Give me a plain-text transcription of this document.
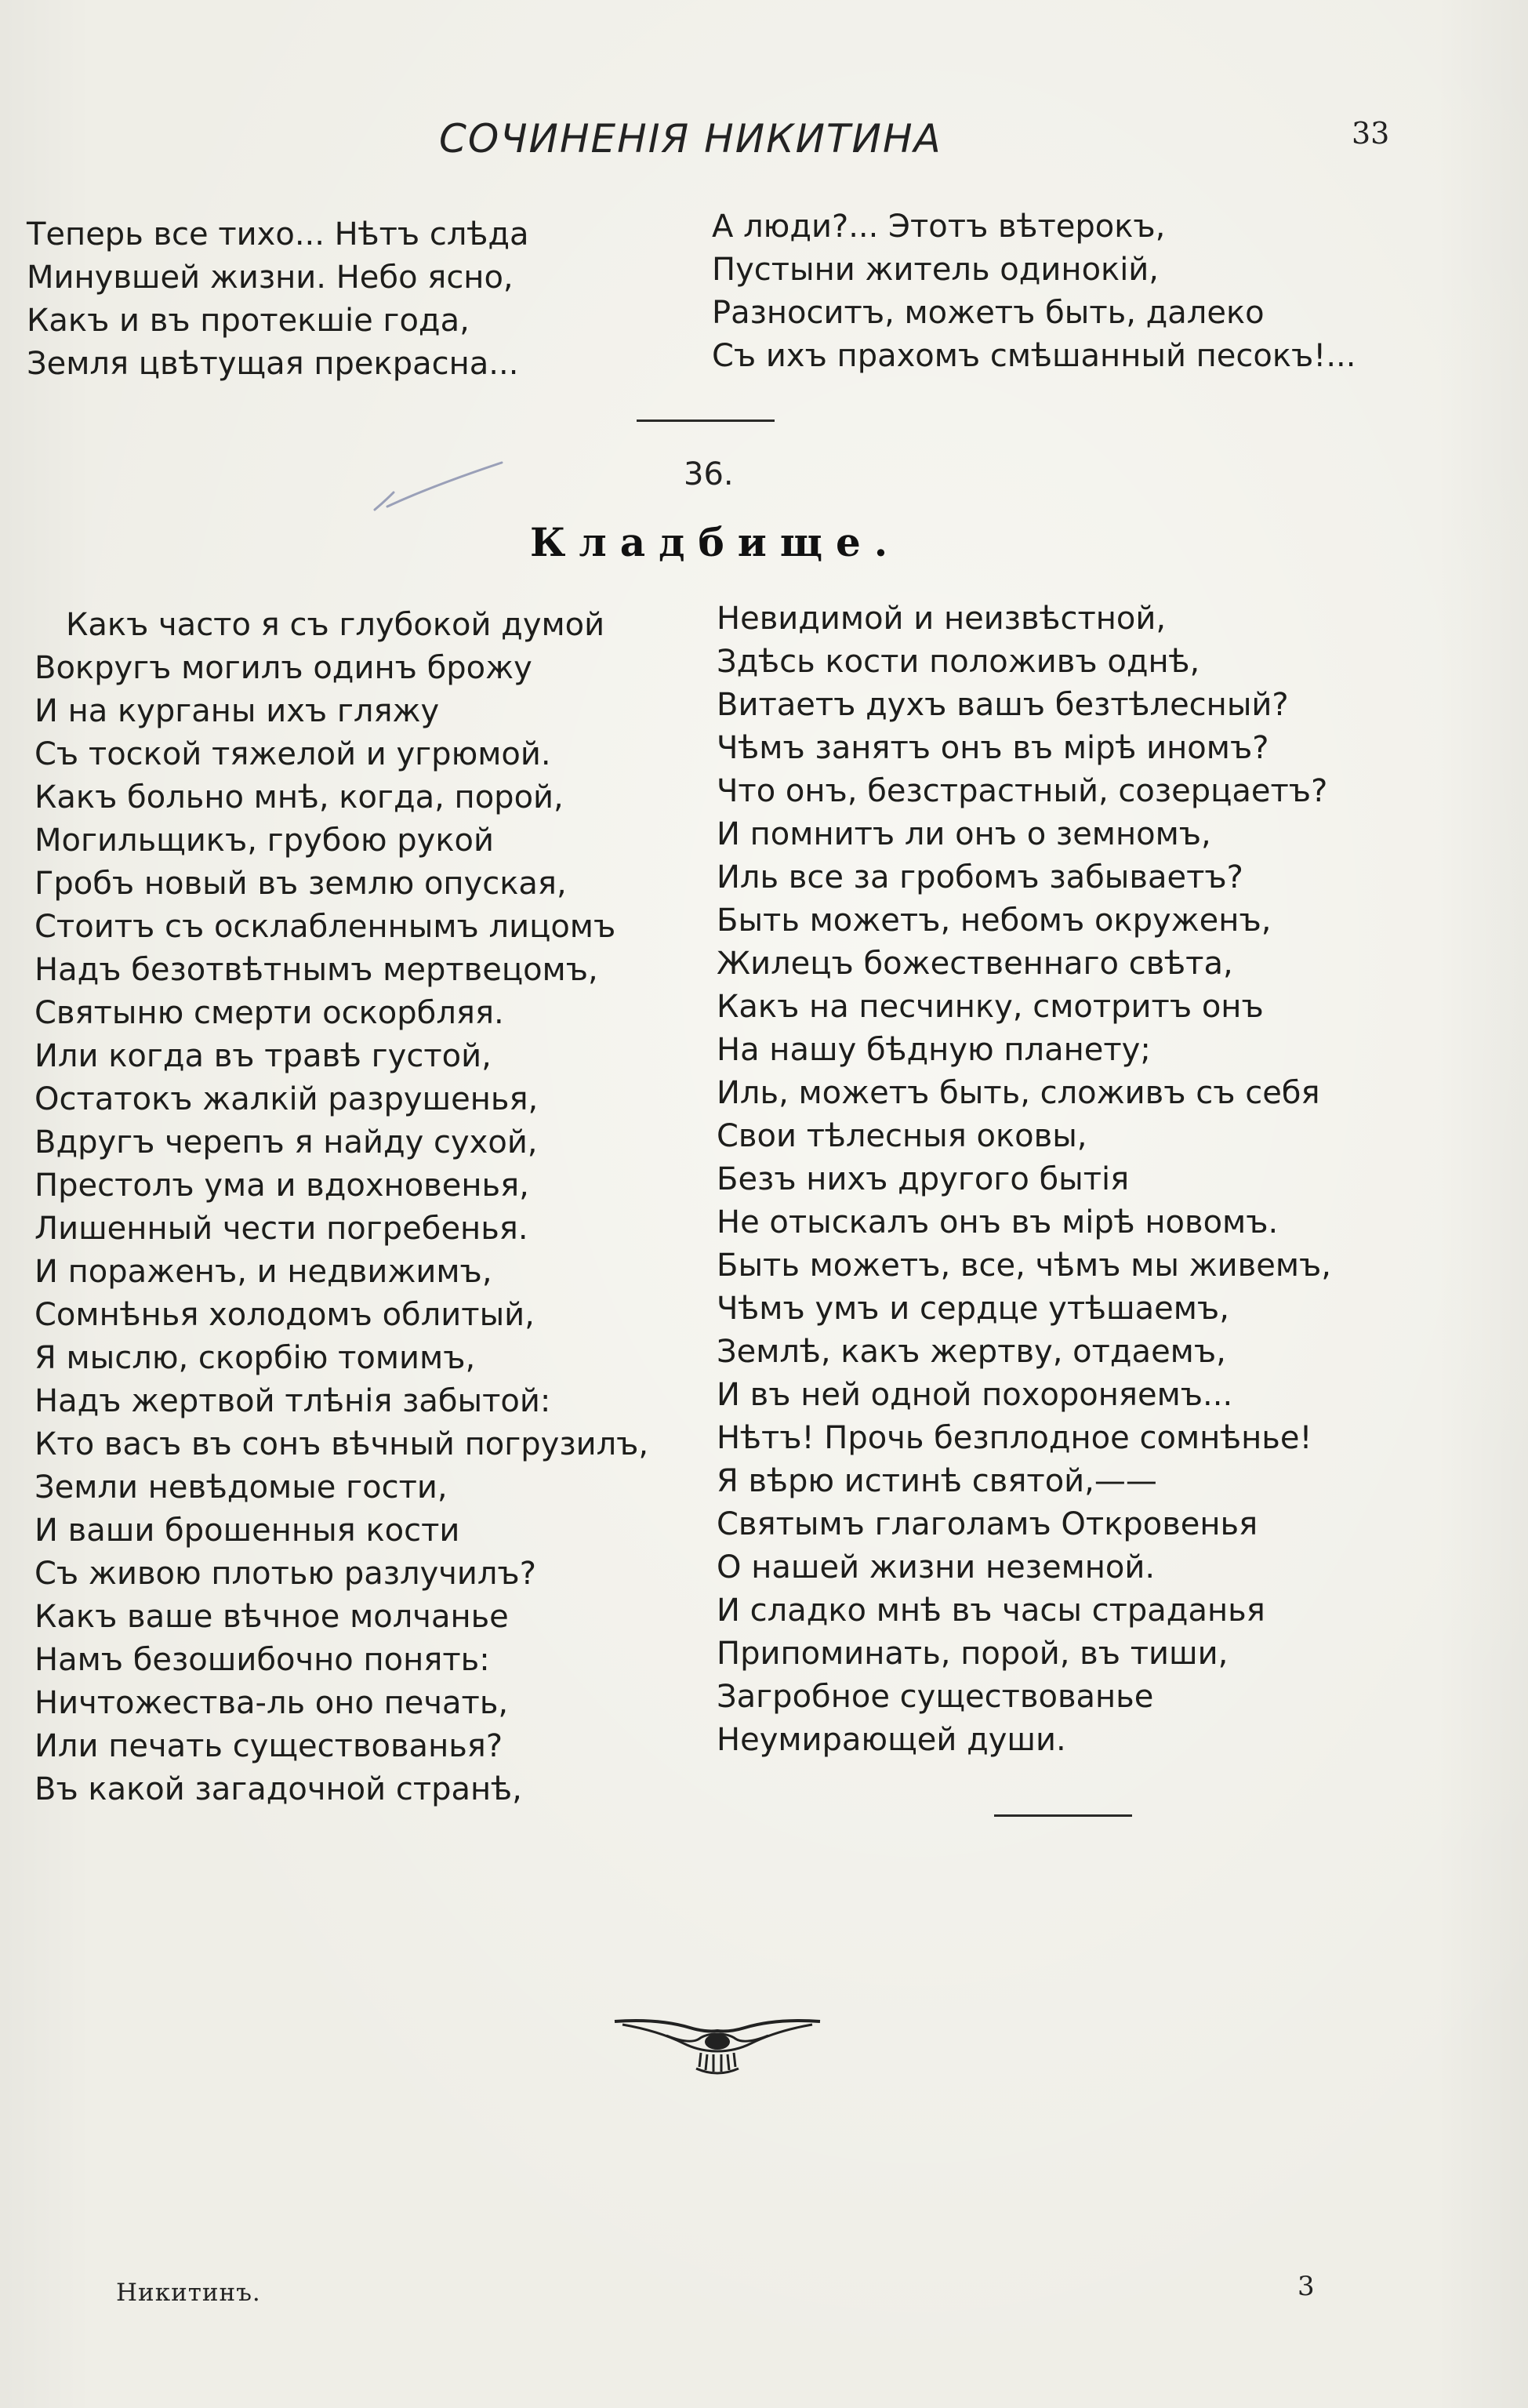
СОЧИНЕНІЯ НИКИТИНА	33
Теперь все тихо... Нѣтъ слѣда
Минувшей жизни. Небо ясно,
Какъ и въ протекшіе года,
Земля цвѣтущая прекрасна...
А люди?... Этотъ вѣтерокъ,
Пустыни житель одинокій,
Разноситъ, можетъ быть, далеко
Съ ихъ прахомъ смѣшанный песокъ!...
36.
Кладбище.
Какъ часто я съ глубокой думой
Вокругъ могилъ одинъ брожу
И на курганы ихъ гляжу
Съ тоской тяжелой и угрюмой.
Какъ больно мнѣ, когда, порой,
Могильщикъ, грубою рукой
Гробъ новый въ землю опуская,
Стоитъ съ осклабленнымъ лицомъ
Надъ безотвѣтнымъ мертвецомъ,
Святыню смерти оскорбляя.
Или когда въ травѣ густой,
Остатокъ жалкій разрушенья,
Вдругъ черепъ я найду сухой,
Престолъ ума и вдохновенья,
Лишенный чести погребенья.
И пораженъ, и недвижимъ,
Сомнѣнья холодомъ облитый,
Я мыслю, скорбію томимъ,
Надъ жертвой тлѣнія забытой:
Кто васъ въ сонъ вѣчный погрузилъ,
Земли невѣдомые гости,
И ваши брошенныя кости
Съ живою плотью разлучилъ?
Какъ ваше вѣчное молчанье
Намъ безошибочно понять:
Ничтожества-ль оно печать,
Или печать существованья?
Въ какой загадочной странѣ,
Невидимой и неизвѣстной,
Здѣсь кости положивъ однѣ,
Витаетъ духъ вашъ безтѣлесный?
Чѣмъ занятъ онъ въ мірѣ иномъ?
Что онъ, безстрастный, созерцаетъ?
И помнитъ ли онъ о земномъ,
Иль все за гробомъ забываетъ?
Быть можетъ, небомъ окруженъ,
Жилецъ божественнаго свѣта,
Какъ на песчинку, смотритъ онъ
На нашу бѣдную планету;
Иль, можетъ быть, сложивъ съ себя
Свои тѣлесныя оковы,
Безъ нихъ другого бытія
Не отыскалъ онъ въ мірѣ новомъ.
Быть можетъ, все, чѣмъ мы живемъ,
Чѣмъ умъ и сердце утѣшаемъ,
Землѣ, какъ жертву, отдаемъ,
И въ ней одной похороняемъ...
Нѣтъ! Прочь безплодное сомнѣнье!
Я вѣрю истинѣ святой,——
Святымъ глаголамъ Откровенья
О нашей жизни неземной.
И сладко мнѣ въ часы страданья
Припоминать, порой, въ тиши,
Загробное существованье
Неумирающей души.
Никитинъ.	3
